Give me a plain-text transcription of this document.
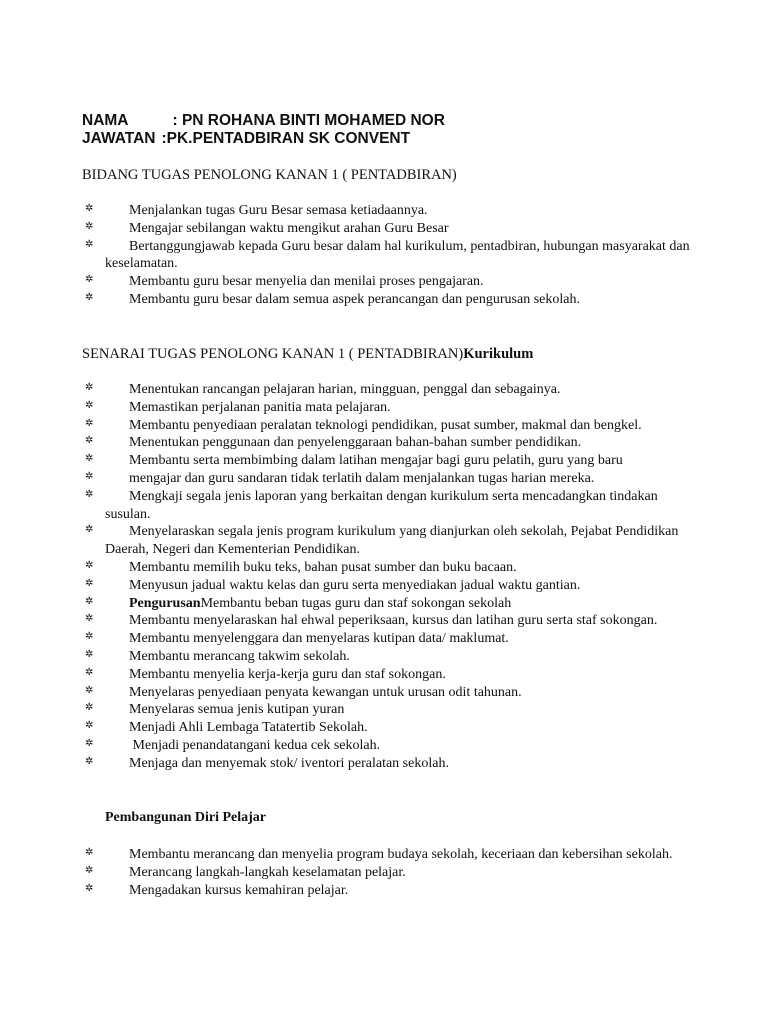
NAMA	: PN ROHANA BINTI MOHAMED NOR
JAWATAN :PK.PENTADBIRAN SK CONVENT
BIDANG TUGAS PENOLONG KANAN 1 ( PENTADBIRAN)
✲	Menjalankan tugas Guru Besar semasa ketiadaannya.
✲	Mengajar sebilangan waktu mengikut arahan Guru Besar
✲	Bertanggungjawab kepada Guru besar dalam hal kurikulum, pentadbiran, hubungan masyarakat dan keselamatan.
✲	Membantu guru besar menyelia dan menilai proses pengajaran.
✲	Membantu guru besar dalam semua aspek perancangan dan pengurusan sekolah.
SENARAI TUGAS PENOLONG KANAN 1 ( PENTADBIRAN)Kurikulum
✲	Menentukan rancangan pelajaran harian, mingguan, penggal dan sebagainya.
✲	Memastikan perjalanan panitia mata pelajaran.
✲	Membantu penyediaan peralatan teknologi pendidikan, pusat sumber, makmal dan bengkel.
✲	Menentukan penggunaan dan penyelenggaraan bahan-bahan sumber pendidikan.
✲	Membantu serta membimbing dalam latihan mengajar bagi guru pelatih, guru yang baru
✲	mengajar dan guru sandaran tidak terlatih dalam menjalankan tugas harian mereka.
✲	Mengkaji segala jenis laporan yang berkaitan dengan kurikulum serta mencadangkan tindakan susulan.
✲	Menyelaraskan segala jenis program kurikulum yang dianjurkan oleh sekolah, Pejabat Pendidikan Daerah, Negeri dan Kementerian Pendidikan.
✲	Membantu memilih buku teks, bahan pusat sumber dan buku bacaan.
✲	Menyusun jadual waktu kelas dan guru serta menyediakan jadual waktu gantian.
✲	PengurusanMembantu beban tugas guru dan staf sokongan sekolah
✲	Membantu menyelaraskan hal ehwal peperiksaan, kursus dan latihan guru serta staf sokongan.
✲	Membantu menyelenggara dan menyelaras kutipan data/ maklumat.
✲	Membantu merancang takwim sekolah.
✲	Membantu menyelia kerja-kerja guru dan staf sokongan.
✲	Menyelaras penyediaan penyata kewangan untuk urusan odit tahunan.
✲	Menyelaras semua jenis kutipan yuran
✲	Menjadi Ahli Lembaga Tatatertib Sekolah.
✲	Menjadi penandatangani kedua cek sekolah.
✲	Menjaga dan menyemak stok/ iventori peralatan sekolah.
Pembangunan Diri Pelajar
✲	Membantu merancang dan menyelia program budaya sekolah, keceriaan dan kebersihan sekolah.
✲	Merancang langkah-langkah keselamatan pelajar.
✲	Mengadakan kursus kemahiran pelajar.
